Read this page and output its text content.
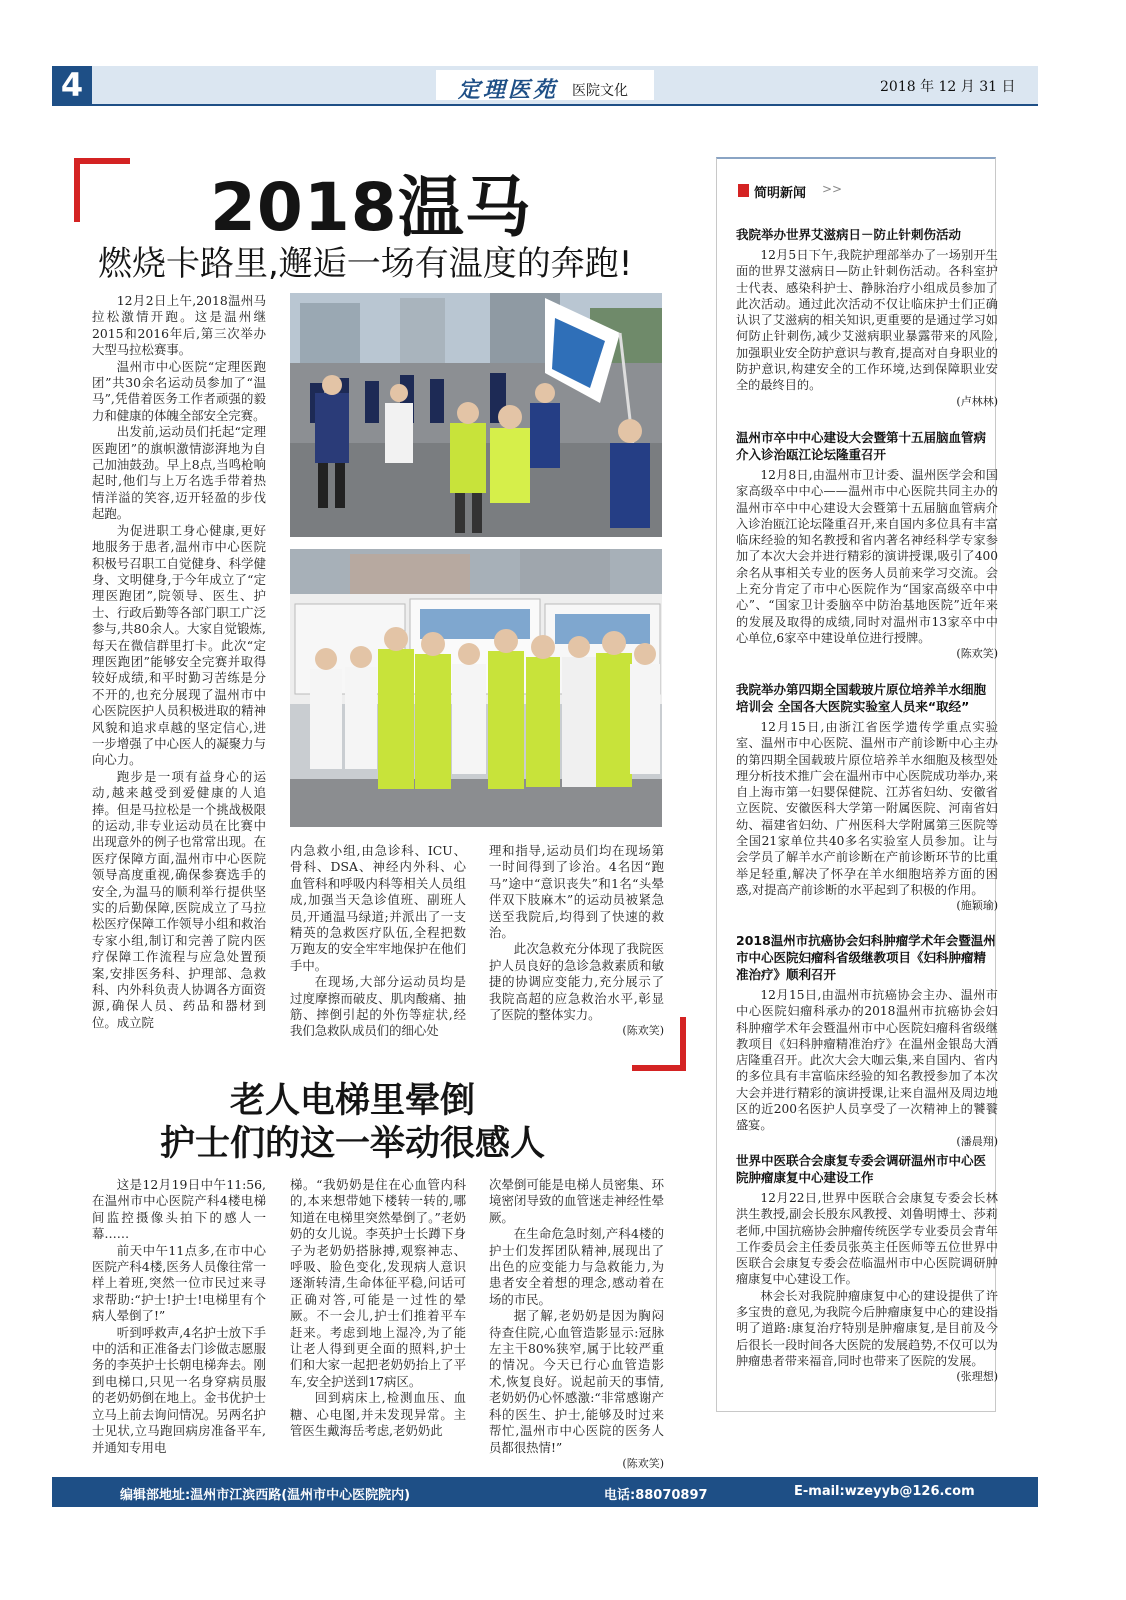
4	定理医苑 医院文化	2018 年 12 月 31 日
2018温马
燃烧卡路里,邂逅一场有温度的奔跑!

12月2日上午,2018温州马拉松激情开跑。这是温州继2015和2016年后,第三次举办大型马拉松赛事。

温州市中心医院“定理医跑团”共30余名运动员参加了“温马”,凭借着医务工作者顽强的毅力和健康的体魄全部安全完赛。

出发前,运动员们托起“定理医跑团”的旗帜激情澎湃地为自己加油鼓劲。早上8点,当鸣枪响起时,他们与上万名选手带着热情洋溢的笑容,迈开轻盈的步伐起跑。

为促进职工身心健康,更好地服务于患者,温州市中心医院积极号召职工自觉健身、科学健身、文明健身,于今年成立了“定理医跑团”,院领导、医生、护士、行政后勤等各部门职工广泛参与,共80余人。大家自觉锻炼,每天在微信群里打卡。此次“定理医跑团”能够安全完赛并取得较好成绩,和平时勤习苦练是分不开的,也充分展现了温州市中心医院医护人员积极进取的精神风貌和追求卓越的坚定信心,进一步增强了中心医人的凝聚力与向心力。

跑步是一项有益身心的运动,越来越受到爱健康的人追捧。但是马拉松是一个挑战极限的运动,非专业运动员在比赛中出现意外的例子也常常出现。在医疗保障方面,温州市中心医院领导高度重视,确保参赛选手的安全,为温马的顺利举行提供坚实的后勤保障,医院成立了马拉松医疗保障工作领导小组和救治专家小组,制订和完善了院内医疗保障工作流程与应急处置预案,安排医务科、护理部、急救科、内外科负责人协调各方面资源,确保人员、药品和器材到位。成立院

内急救小组,由急诊科、ICU、骨科、DSA、神经内外科、心血管科和呼吸内科等相关人员组成,加强当天急诊值班、副班人员,开通温马绿道;并派出了一支精英的急救医疗队伍,全程把数万跑友的安全牢牢地保护在他们手中。

在现场,大部分运动员均是过度摩擦而破皮、肌肉酸痛、抽筋、摔倒引起的外伤等症状,经我们急救队成员们的细心处

理和指导,运动员们均在现场第一时间得到了诊治。4名因“跑马”途中“意识丧失”和1名“头晕伴双下肢麻木”的运动员被紧急送至我院后,均得到了快速的救治。

此次急救充分体现了我院医护人员良好的急诊急救素质和敏捷的协调应变能力,充分展示了我院高超的应急救治水平,彰显了医院的整体实力。

(陈欢笑)

老人电梯里晕倒
护士们的这一举动很感人

这是12月19日中午11:56,在温州市中心医院产科4楼电梯间监控摄像头拍下的感人一幕……

前天中午11点多,在市中心医院产科4楼,医务人员像往常一样上着班,突然一位市民过来寻求帮助:“护士!护士!电梯里有个病人晕倒了!”

听到呼救声,4名护士放下手中的活和正准备去门诊做志愿服务的李英护士长朝电梯奔去。刚到电梯口,只见一名身穿病员服的老奶奶倒在地上。金书优护士立马上前去询问情况。另两名护士见状,立马跑回病房准备平车,并通知专用电

梯。“我奶奶是住在心血管内科的,本来想带她下楼转一转的,哪知道在电梯里突然晕倒了。”老奶奶的女儿说。李英护士长蹲下身子为老奶奶搭脉搏,观察神志、呼吸、脸色变化,发现病人意识逐渐转清,生命体征平稳,问话可正确对答,可能是一过性的晕厥。不一会儿,护士们推着平车赶来。考虑到地上湿冷,为了能让老人得到更全面的照料,护士们和大家一起把老奶奶抬上了平车,安全护送到17病区。

回到病床上,检测血压、血糖、心电图,并未发现异常。主管医生戴海岳考虑,老奶奶此

次晕倒可能是电梯人员密集、环境密闭导致的血管迷走神经性晕厥。

在生命危急时刻,产科4楼的护士们发挥团队精神,展现出了出色的应变能力与急救能力,为患者安全着想的理念,感动着在场的市民。

据了解,老奶奶是因为胸闷待查住院,心血管造影显示:冠脉左主干80%狭窄,属于比较严重的情况。今天已行心血管造影术,恢复良好。说起前天的事情,老奶奶仍心怀感激:“非常感谢产科的医生、护士,能够及时过来帮忙,温州市中心医院的医务人员都很热情!”

(陈欢笑)

简明新闻 >>
我院举办世界艾滋病日－防止针刺伤活动

12月5日下午,我院护理部举办了一场别开生面的世界艾滋病日—防止针刺伤活动。各科室护士代表、感染科护士、静脉治疗小组成员参加了此次活动。通过此次活动不仅让临床护士们正确认识了艾滋病的相关知识,更重要的是通过学习如何防止针刺伤,减少艾滋病职业暴露带来的风险,加强职业安全防护意识与教育,提高对自身职业的防护意识,构建安全的工作环境,达到保障职业安全的最终目的。

(卢林林)
温州市卒中中心建设大会暨第十五届脑血管病介入诊治瓯江论坛隆重召开

12月8日,由温州市卫计委、温州医学会和国家高级卒中中心——温州市中心医院共同主办的温州市卒中中心建设大会暨第十五届脑血管病介入诊治瓯江论坛隆重召开,来自国内多位具有丰富临床经验的知名教授和省内著名神经科学专家参加了本次大会并进行精彩的演讲授课,吸引了400余名从事相关专业的医务人员前来学习交流。会上充分肯定了市中心医院作为“国家高级卒中中心”、“国家卫计委脑卒中防治基地医院”近年来的发展及取得的成绩,同时对温州市13家卒中中心单位,6家卒中建设单位进行授牌。

(陈欢笑)
我院举办第四期全国载玻片原位培养羊水细胞培训会 全国各大医院实验室人员来“取经”

12月15日,由浙江省医学遗传学重点实验室、温州市中心医院、温州市产前诊断中心主办的第四期全国载玻片原位培养羊水细胞及核型处理分析技术推广会在温州市中心医院成功举办,来自上海市第一妇婴保健院、江苏省妇幼、安徽省立医院、安徽医科大学第一附属医院、河南省妇幼、福建省妇幼、广州医科大学附属第三医院等全国21家单位共40多名实验室人员参加。让与会学员了解羊水产前诊断在产前诊断环节的比重举足轻重,解决了怀孕在羊水细胞培养方面的困惑,对提高产前诊断的水平起到了积极的作用。

(施颖瑜)
2018温州市抗癌协会妇科肿瘤学术年会暨温州市中心医院妇瘤科省级继教项目《妇科肿瘤精准治疗》顺利召开

12月15日,由温州市抗癌协会主办、温州市中心医院妇瘤科承办的2018温州市抗癌协会妇科肿瘤学术年会暨温州市中心医院妇瘤科省级继教项目《妇科肿瘤精准治疗》在温州金银岛大酒店隆重召开。此次大会大咖云集,来自国内、省内的多位具有丰富临床经验的知名教授参加了本次大会并进行精彩的演讲授课,让来自温州及周边地区的近200名医护人员享受了一次精神上的饕餮盛宴。

(潘晨翔)
世界中医联合会康复专委会调研温州市中心医院肿瘤康复中心建设工作

12月22日,世界中医联合会康复专委会长林洪生教授,副会长殷东风教授、刘鲁明博士、莎莉老师,中国抗癌协会肿瘤传统医学专业委员会青年工作委员会主任委员张英主任医师等五位世界中医联合会康复专委会莅临温州市中心医院调研肿瘤康复中心建设工作。

林会长对我院肿瘤康复中心的建设提供了许多宝贵的意见,为我院今后肿瘤康复中心的建设指明了道路:康复治疗特别是肿瘤康复,是目前及今后很长一段时间各大医院的发展趋势,不仅可以为肿瘤患者带来福音,同时也带来了医院的发展。

(张理想)
编辑部地址:温州市江滨西路(温州市中心医院院内)	电话:88070897	E-mail:wzeyyb@126.com
